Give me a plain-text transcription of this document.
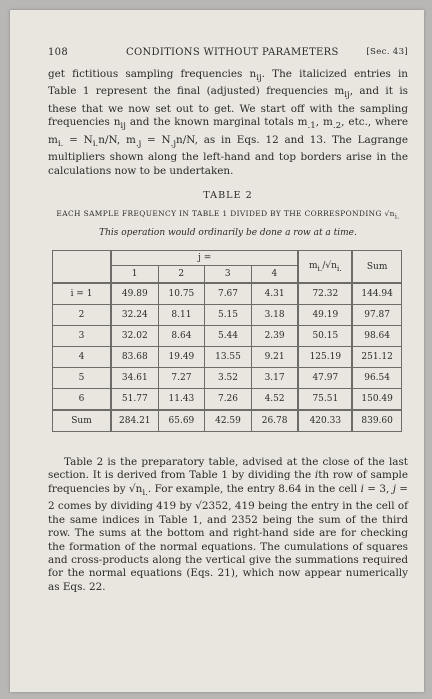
108	CONDITIONS WITHOUT PARAMETERS	[Sec. 43]

get fictitious sampling frequencies $n_{ij}$. The italicized entries in Table 1 represent the final (adjusted) frequencies $m_{ij}$, and it is these that we now set out to get. We start off with the sampling frequencies $n_{ij}$ and the known marginal totals $m_{.1}$, $m_{.2}$, etc., where $m_{i.} = N_{i.}n/N$, $m_{.j} = N_{.j}n/N$, as in Eqs. 12 and 13. The Lagrange multipliers shown along the left-hand and top borders arise in the calculations now to be undertaken.

TABLE 2
EACH SAMPLE FREQUENCY IN TABLE 1 DIVIDED BY THE CORRESPONDING $√n_{i.}$
This operation would ordinarily be done a row at a time.
	j =				$m_{i.}/√n_{i.}$	Sum
	1	2	3	4		
i = 1	49.89	10.75	7.67	4.31	72.32	144.94
2	32.24	8.11	5.15	3.18	49.19	97.87
3	32.02	8.64	5.44	2.39	50.15	98.64
4	83.68	19.49	13.55	9.21	125.19	251.12
5	34.61	7.27	3.52	3.17	47.97	96.54
6	51.77	11.43	7.26	4.52	75.51	150.49
Sum	284.21	65.69	42.59	26.78	420.33	839.60

Table 2 is the preparatory table, advised at the close of the last section. It is derived from Table 1 by dividing the ith row of sample frequencies by $√n_{i.}$. For example, the entry 8.64 in the cell i = 3, j = 2 comes by dividing 419 by √2352, 419 being the entry in the cell of the same indices in Table 1, and 2352 being the sum of the third row. The sums at the bottom and right-hand side are for checking the formation of the normal equations. The cumulations of squares and cross-products along the vertical give the summations required for the normal equations (Eqs. 21), which now appear numerically as Eqs. 22.
